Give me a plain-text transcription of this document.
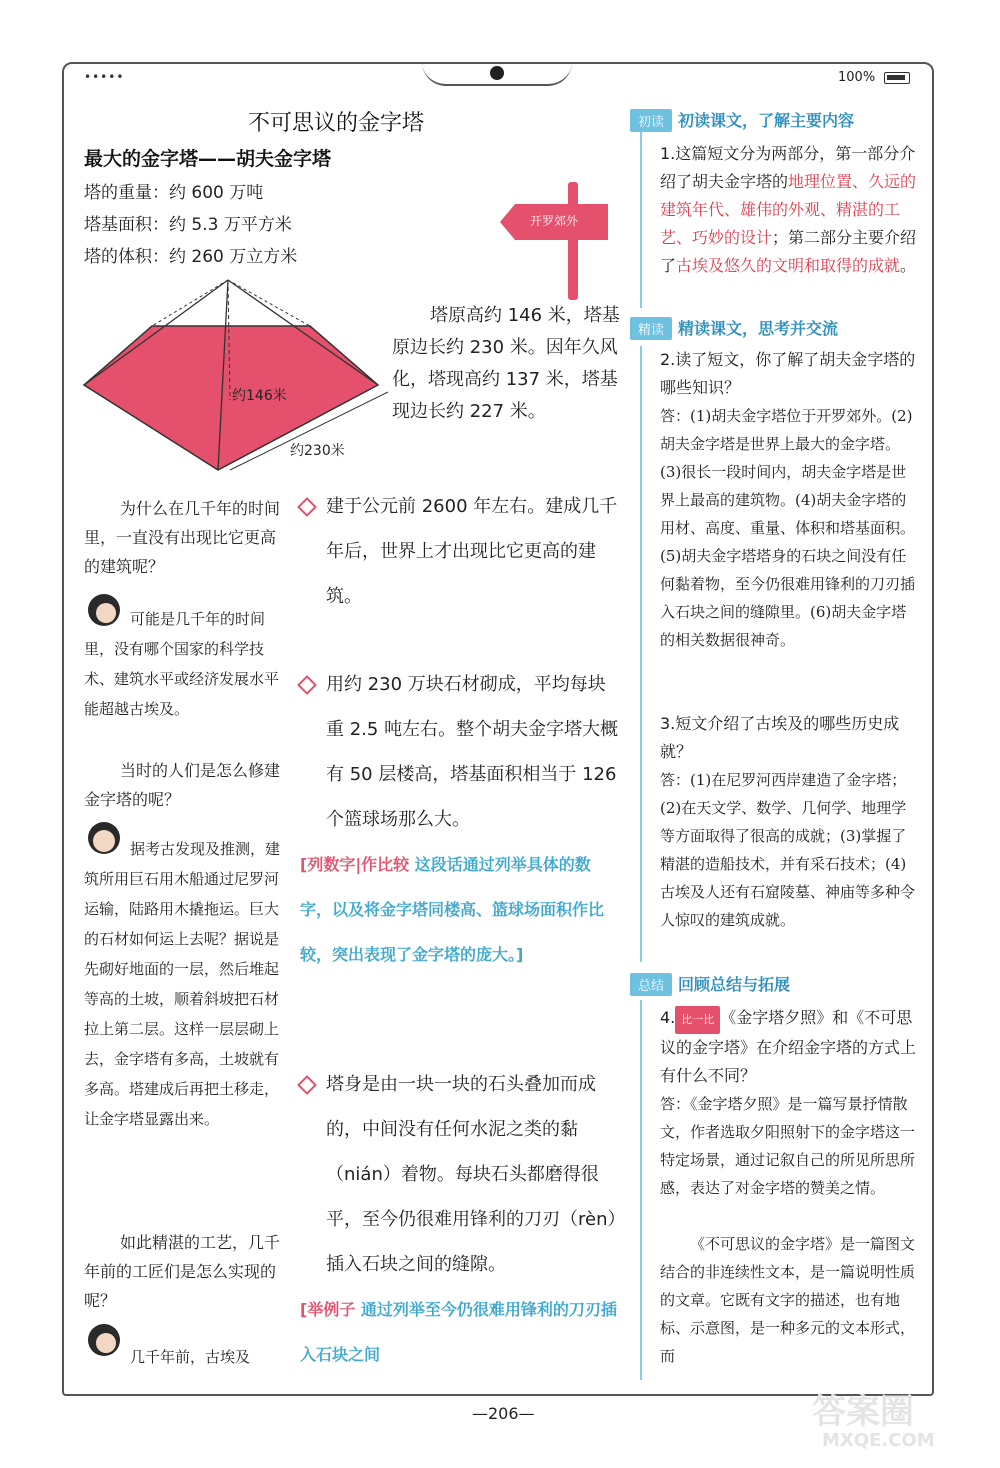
•••••	100%
不可思议的金字塔
最大的金字塔——胡夫金字塔
塔的重量：约 600 万吨
塔基面积：约 5.3 万平方米
塔的体积：约 260 万立方米
开罗郊外
约146米
约230米
塔原高约 146 米，塔基原边长约 230 米。因年久风化，塔现高约 137 米，塔基现边长约 227 米。
为什么在几千年的时间里，一直没有出现比它更高的建筑呢？
可能是几千年的时间里，没有哪个国家的科学技术、建筑水平或经济发展水平能超越古埃及。
当时的人们是怎么修建金字塔的呢？
据考古发现及推测，建筑所用巨石用木船通过尼罗河运输，陆路用木撬拖运。巨大的石材如何运上去呢？据说是先砌好地面的一层，然后堆起等高的土坡，顺着斜坡把石材拉上第二层。这样一层层砌上去，金字塔有多高，土坡就有多高。塔建成后再把土移走，让金字塔显露出来。
如此精湛的工艺，几千年前的工匠们是怎么实现的呢？
几千年前，古埃及
建于公元前 2600 年左右。建成几千年后，世界上才出现比它更高的建筑。
用约 230 万块石材砌成，平均每块重 2.5 吨左右。整个胡夫金字塔大概有 50 层楼高，塔基面积相当于 126 个篮球场那么大。
[列数字|作比较 这段话通过列举具体的数字，以及将金字塔同楼高、篮球场面积作比较，突出表现了金字塔的庞大。]
塔身是由一块一块的石头叠加而成的，中间没有任何水泥之类的黏（nián）着物。每块石头都磨得很平，至今仍很难用锋利的刀刃（rèn）插入石块之间的缝隙。
[举例子 通过列举至今仍很难用锋利的刀刃插入石块之间
初读 初读课文，了解主要内容
1.这篇短文分为两部分，第一部分介绍了胡夫金字塔的地理位置、久远的建筑年代、雄伟的外观、精湛的工艺、巧妙的设计；第二部分主要介绍了古埃及悠久的文明和取得的成就。
精读 精读课文，思考并交流
2.读了短文，你了解了胡夫金字塔的哪些知识？
答：(1)胡夫金字塔位于开罗郊外。(2)胡夫金字塔是世界上最大的金字塔。(3)很长一段时间内，胡夫金字塔是世界上最高的建筑物。(4)胡夫金字塔的用材、高度、重量、体积和塔基面积。(5)胡夫金字塔塔身的石块之间没有任何黏着物，至今仍很难用锋利的刀刃插入石块之间的缝隙里。(6)胡夫金字塔的相关数据很神奇。
3.短文介绍了古埃及的哪些历史成就？
答：(1)在尼罗河西岸建造了金字塔；(2)在天文学、数学、几何学、地理学等方面取得了很高的成就；(3)掌握了精湛的造船技术，并有采石技术；(4)古埃及人还有石窟陵墓、神庙等多种令人惊叹的建筑成就。
总结 回顾总结与拓展
4. 比一比 《金字塔夕照》和《不可思议的金字塔》在介绍金字塔的方式上有什么不同？
答：《金字塔夕照》是一篇写景抒情散文，作者选取夕阳照射下的金字塔这一特定场景，通过记叙自己的所见所思所感，表达了对金字塔的赞美之情。
《不可思议的金字塔》是一篇图文结合的非连续性文本，是一篇说明性质的文章。它既有文字的描述，也有地标、示意图，是一种多元的文本形式，而
—206—	答案圈
MXQE.COM
